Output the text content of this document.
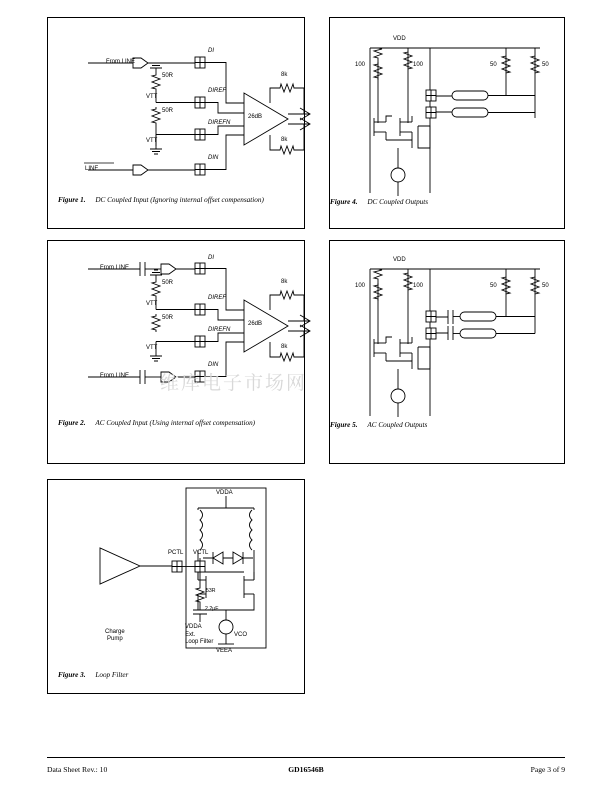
From LINE
LINE
DI
DIREF
DIREFN
DIN
50R
50R
VTT
VTT
8k
8k
26dB
Figure 1. DC Coupled Input (Ignoring internal offset compensation)
VDD
100	100	50	50
Figure 4. DC Coupled Outputs
From LINE
From LINE
DI
DIREF
DIREFN
DIN
50R
50R
VTT
VTT
8k
8k
26dB
Figure 2. AC Coupled Input (Using internal offset compensation)
VDD
100	100	50	50
Figure 5. AC Coupled Outputs
VDDA
PCTL VCTL
53R
2.2µF
VDDA
Ext.
Loop Filter
VCO
VEEA
Charge
Pump
Figure 3. Loop Filter
维库电子市场网
Data Sheet Rev.: 10	GD16546B	Page 3 of 9
